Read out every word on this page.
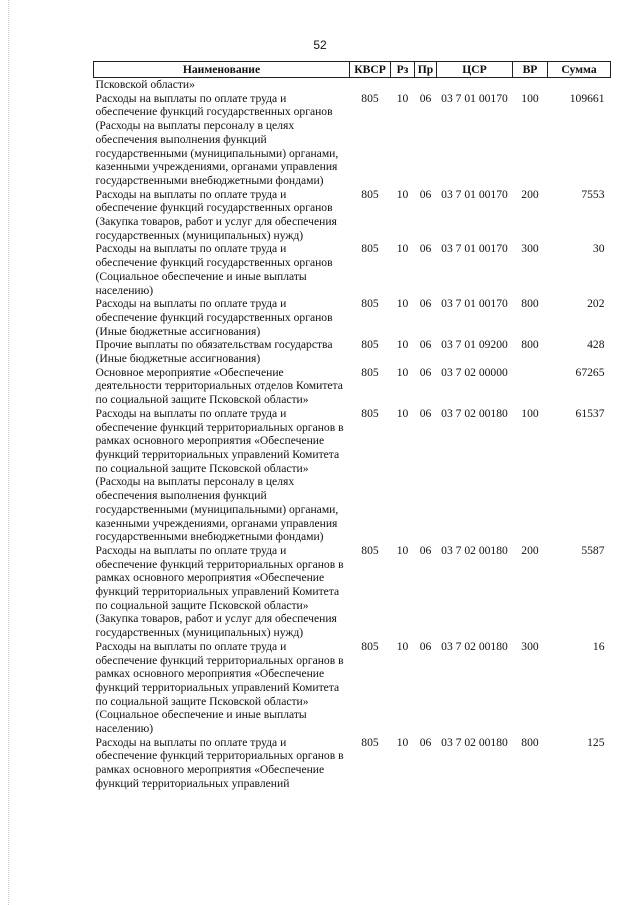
52
Наименование	КВСР	Рз	Пр	ЦСР	ВР	Сумма
Псковской области»						
Расходы на выплаты по оплате труда и обеспечение функций государственных органов (Расходы на выплаты персоналу в целях обеспечения выполнения функций государственными (муниципальными) органами, казенными учреждениями, органами управления государственными внебюджетными фондами)	805	10	06	03 7 01 00170	100	109661
Расходы на выплаты по оплате труда и обеспечение функций государственных органов (Закупка товаров, работ и услуг для обеспечения государственных (муниципальных) нужд)	805	10	06	03 7 01 00170	200	7553
Расходы на выплаты по оплате труда и обеспечение функций государственных органов (Социальное обеспечение и иные выплаты населению)	805	10	06	03 7 01 00170	300	30
Расходы на выплаты по оплате труда и обеспечение функций государственных органов (Иные бюджетные ассигнования)	805	10	06	03 7 01 00170	800	202
Прочие выплаты по обязательствам государства (Иные бюджетные ассигнования)	805	10	06	03 7 01 09200	800	428
Основное мероприятие «Обеспечение деятельности территориальных отделов Комитета по социальной защите Псковской области»	805	10	06	03 7 02 00000		67265
Расходы на выплаты по оплате труда и обеспечение функций территориальных органов в рамках основного мероприятия «Обеспечение функций территориальных управлений Комитета по социальной защите Псковской области» (Расходы на выплаты персоналу в целях обеспечения выполнения функций государственными (муниципальными) органами, казенными учреждениями, органами управления государственными внебюджетными фондами)	805	10	06	03 7 02 00180	100	61537
Расходы на выплаты по оплате труда и обеспечение функций территориальных органов в рамках основного мероприятия «Обеспечение функций территориальных управлений Комитета по социальной защите Псковской области» (Закупка товаров, работ и услуг для обеспечения государственных (муниципальных) нужд)	805	10	06	03 7 02 00180	200	5587
Расходы на выплаты по оплате труда и обеспечение функций территориальных органов в рамках основного мероприятия «Обеспечение функций территориальных управлений Комитета по социальной защите Псковской области» (Социальное обеспечение и иные выплаты населению)	805	10	06	03 7 02 00180	300	16
Расходы на выплаты по оплате труда и обеспечение функций территориальных органов в рамках основного мероприятия «Обеспечение функций территориальных управлений	805	10	06	03 7 02 00180	800	125
